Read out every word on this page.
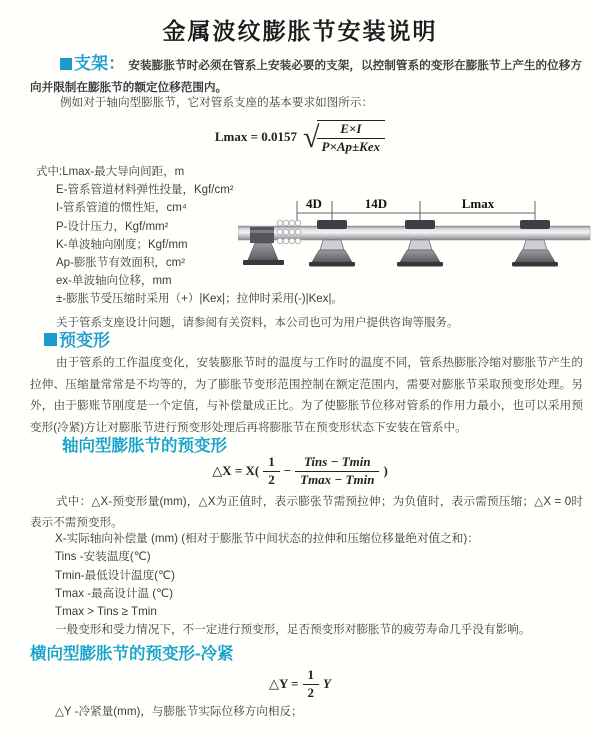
金属波纹膨胀节安装说明
支架： 安装膨胀节时必须在管系上安装必要的支架，以控制管系的变形在膨胀节上产生的位移方向并限制在膨胀节的额定位移范围内。
例如对于轴向型膨胀节，它对管系支座的基本要求如图所示：
Lmax = 0.0157 √
$\frac{E\times I}{\text{P×Ap±Kex}}$
式中:Lmax-最大导向间距，m
E-管系管道材料弹性投量，Kgf/cm²
I-管系管道的惯性矩，cm⁴
P-设计压力，Kgf/mm²
K-单波轴向刚度；Kgf/mm
Ap-膨胀节有效面积，cm²
ex-单波轴向位移，mm
±-膨胀节受压缩时采用（+）|Kex|；拉伸时采用(-)|Kex|。
关于管系支座设计问题，请参阅有关资料，本公司也可为用户提供咨询等服务。
4D	14D	Lmax
预变形
由于管系的工作温度变化，安装膨胀节时的温度与工作时的温度不同，管系热膨胀冷缩对膨胀节产生的拉伸、压缩量常常是不均等的，为了膨胀节变形范围控制在额定范围内，需要对膨胀节采取预变形处理。另外，由于膨账节刚度是一个定值，与补偿量成正比。为了使膨胀节位移对管系的作用力最小，也可以采用预变形(冷紧)方让对膨胀节进行预变形处理后再将膨胀节在预变形状态下安装在管系中。
轴向型膨胀节的预变形
△X = $X( \frac{1}{2} - \frac{\text{Tins − Tmin}}{Tmax - Tmin}$ )
式中：△X-预变形量(mm)，△X为正值时，表示膨张节需预拉伸；为负值时，表示需预压缩；△X = 0时表示不需预变形。
X-实际轴向补偿量 (mm) (相对于膨胀节中间状态的拉伸和压缩位移量绝对值之和)：
Tins -安装温度(℃)
Tmin-最低设计温度(℃)
Tmax -最高设计温 (℃)
Tmax > Tins ≥ Tmin
一般变形和受力情况下，不一定进行预变形，足否预变形对膨胀节的疲劳寿命几乎没有影响。
横向型膨胀节的预变形-冷紧
△Y = $\frac{1}{2}$ Y
△Y -冷紧量(mm)，与膨胀节实际位移方向相反；
